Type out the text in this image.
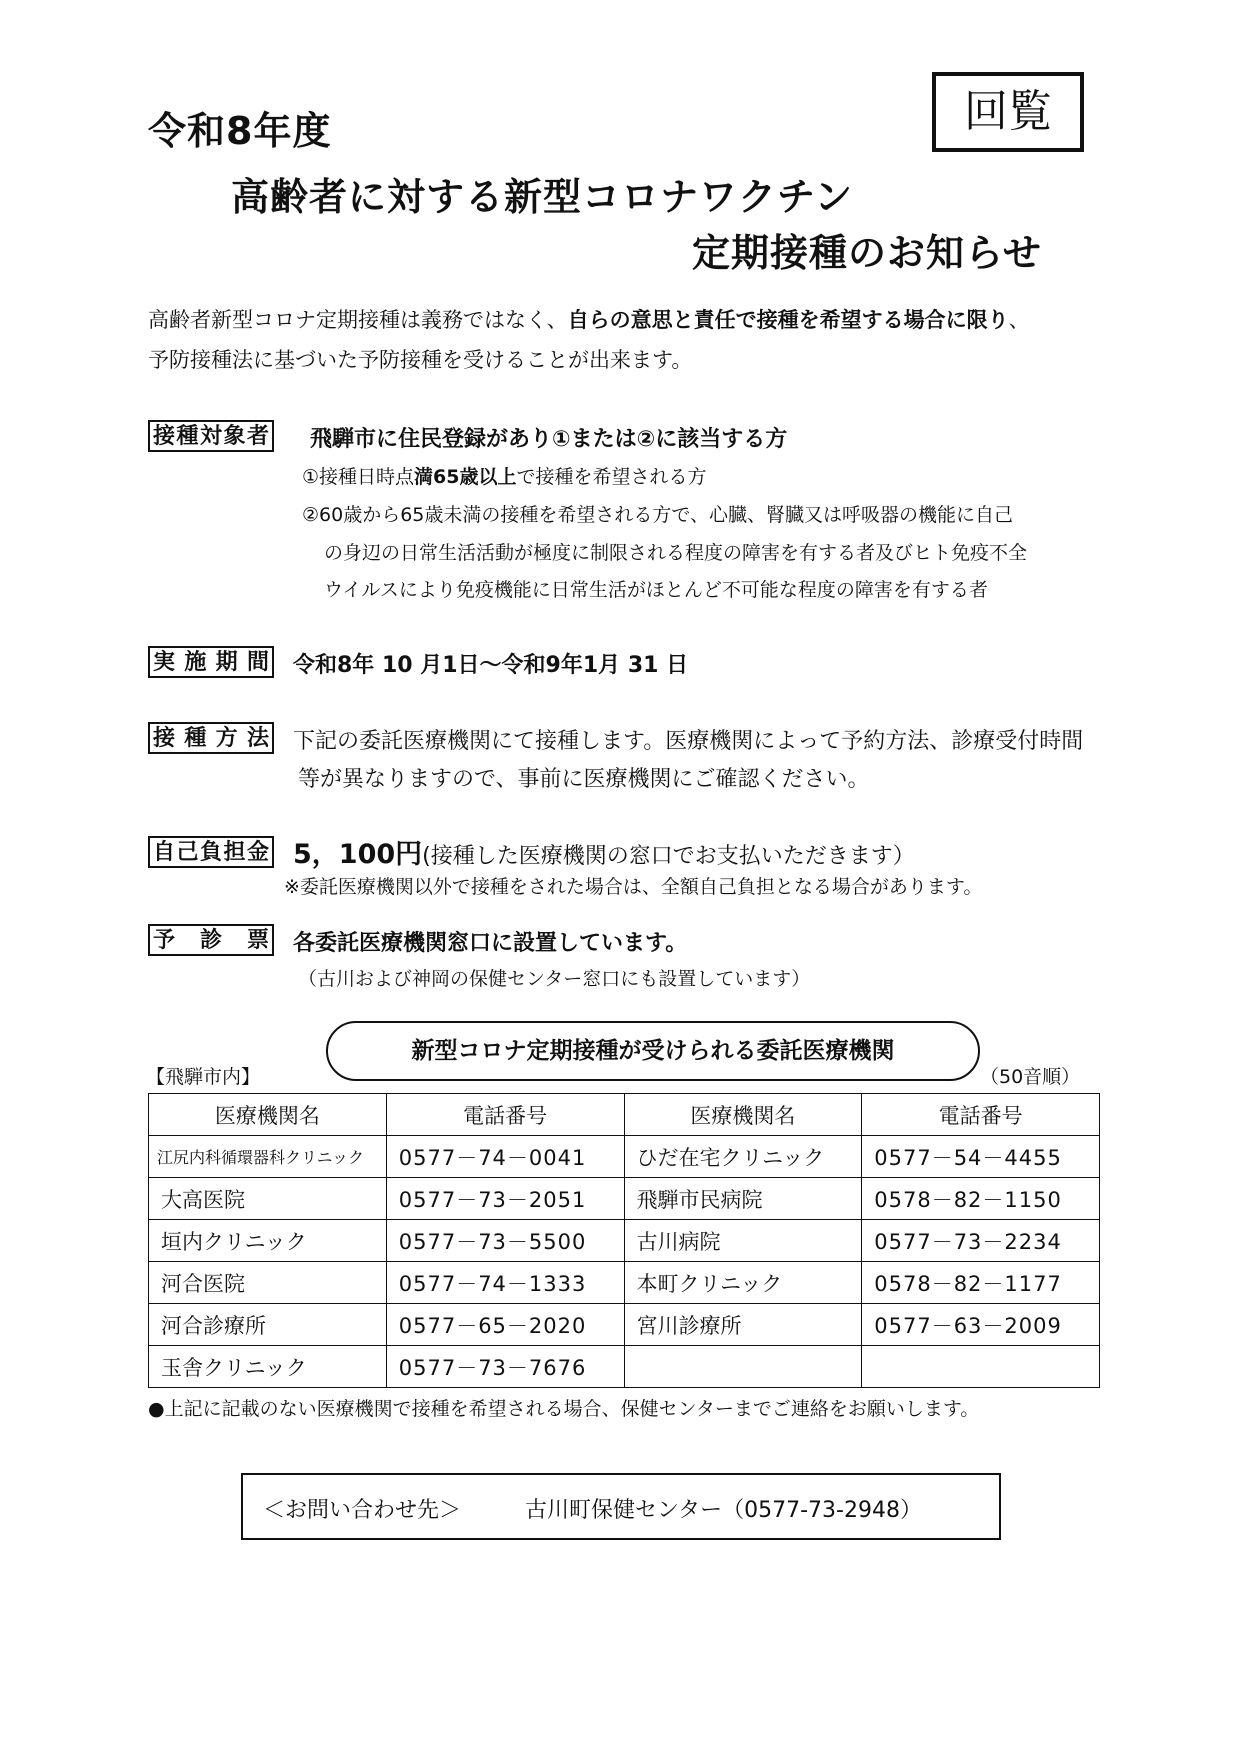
令和8年度
高齢者に対する新型コロナワクチン
定期接種のお知らせ
回覧
高齢者新型コロナ定期接種は義務ではなく、自らの意思と責任で接種を希望する場合に限り、
予防接種法に基づいた予防接種を受けることが出来ます。
接種対象者 飛騨市に住民登録があり①または②に該当する方
①接種日時点満65歳以上で接種を希望される方
②60歳から65歳未満の接種を希望される方で、心臓、腎臓又は呼吸器の機能に自己
の身辺の日常生活活動が極度に制限される程度の障害を有する者及びヒト免疫不全
ウイルスにより免疫機能に日常生活がほとんど不可能な程度の障害を有する者
実施期間 令和8年 10 月1日～令和9年1月 31 日
接種方法 下記の委託医療機関にて接種します。医療機関によって予約方法、診療受付時間
等が異なりますので、事前に医療機関にご確認ください。
自己負担金 5，100円(接種した医療機関の窓口でお支払いただきます）
※委託医療機関以外で接種をされた場合は、全額自己負担となる場合があります。
予診票 各委託医療機関窓口に設置しています。
（古川および神岡の保健センター窓口にも設置しています）
新型コロナ定期接種が受けられる委託医療機関
【飛騨市内】	（50音順）
医療機関名	電話番号	医療機関名	電話番号
江尻内科循環器科クリニック	0577－74－0041	ひだ在宅クリニック	0577－54－4455
大高医院	0577－73－2051	飛騨市民病院	0578－82－1150
垣内クリニック	0577－73－5500	古川病院	0577－73－2234
河合医院	0577－74－1333	本町クリニック	0578－82－1177
河合診療所	0577－65－2020	宮川診療所	0577－63－2009
玉舎クリニック	0577－73－7676		
●上記に記載のない医療機関で接種を希望される場合、保健センターまでご連絡をお願いします。
＜お問い合わせ先＞	古川町保健センター（0577-73-2948）
